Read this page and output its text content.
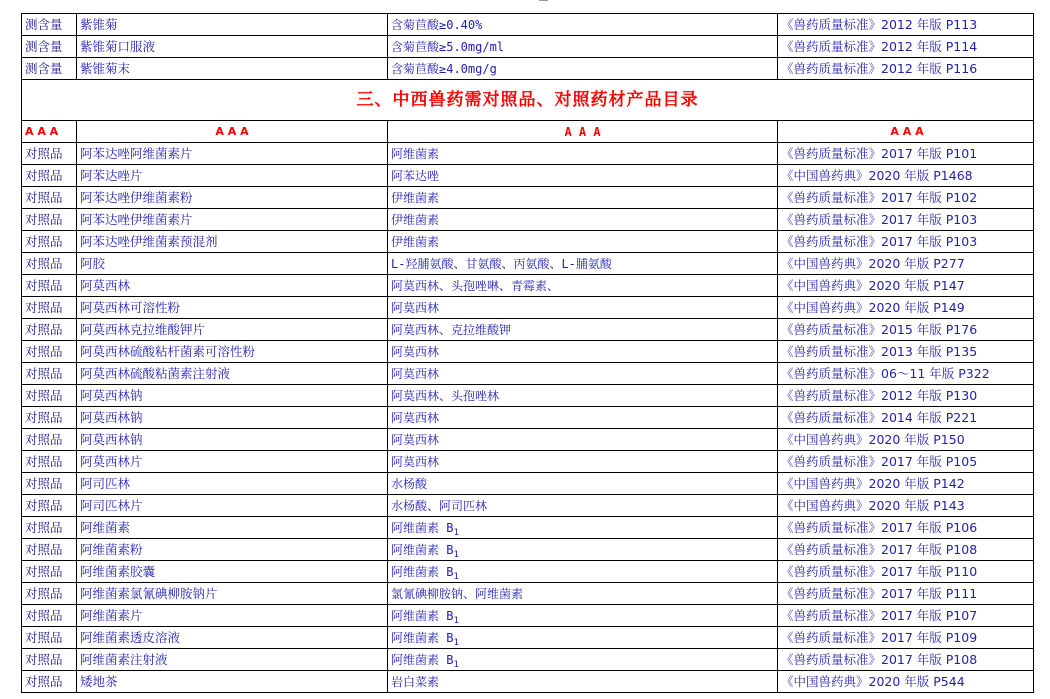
测含量	紫锥菊	含菊苣酸≥0.40%	《兽药质量标准》2012 年版 P113
测含量	紫锥菊口服液	含菊苣酸≥5.0mg/ml	《兽药质量标准》2012 年版 P114
测含量	紫锥菊末	含菊苣酸≥4.0mg/g	《兽药质量标准》2012 年版 P116
三、中西兽药需对照品、对照药材产品目录			
A A A	A A A	A A A	A A A
对照品	阿苯达唑阿维菌素片	阿维菌素	《兽药质量标准》2017 年版 P101
对照品	阿苯达唑片	阿苯达唑	《中国兽药典》2020 年版 P1468
对照品	阿苯达唑伊维菌素粉	伊维菌素	《兽药质量标准》2017 年版 P102
对照品	阿苯达唑伊维菌素片	伊维菌素	《兽药质量标准》2017 年版 P103
对照品	阿苯达唑伊维菌素预混剂	伊维菌素	《兽药质量标准》2017 年版 P103
对照品	阿胶	L-羟脯氨酸、甘氨酸、丙氨酸、L-脯氨酸	《中国兽药典》2020 年版 P277
对照品	阿莫西林	阿莫西林、头孢唑啉、青霉素、	《中国兽药典》2020 年版 P147
对照品	阿莫西林可溶性粉	阿莫西林	《中国兽药典》2020 年版 P149
对照品	阿莫西林克拉维酸钾片	阿莫西林、克拉维酸钾	《兽药质量标准》2015 年版 P176
对照品	阿莫西林硫酸粘杆菌素可溶性粉	阿莫西林	《兽药质量标准》2013 年版 P135
对照品	阿莫西林硫酸粘菌素注射液	阿莫西林	《兽药质量标准》06～11 年版 P322
对照品	阿莫西林钠	阿莫西林、头孢唑林	《兽药质量标准》2012 年版 P130
对照品	阿莫西林钠	阿莫西林	《兽药质量标准》2014 年版 P221
对照品	阿莫西林钠	阿莫西林	《中国兽药典》2020 年版 P150
对照品	阿莫西林片	阿莫西林	《兽药质量标准》2017 年版 P105
对照品	阿司匹林	水杨酸	《中国兽药典》2020 年版 P142
对照品	阿司匹林片	水杨酸、阿司匹林	《中国兽药典》2020 年版 P143
对照品	阿维菌素	阿维菌素 $B_1$	《兽药质量标准》2017 年版 P106
对照品	阿维菌素粉	阿维菌素 $B_1$	《兽药质量标准》2017 年版 P108
对照品	阿维菌素胶囊	阿维菌素 $B_1$	《兽药质量标准》2017 年版 P110
对照品	阿维菌素氯氰碘柳胺钠片	氯氰碘柳胺钠、阿维菌素	《兽药质量标准》2017 年版 P111
对照品	阿维菌素片	阿维菌素 $B_1$	《兽药质量标准》2017 年版 P107
对照品	阿维菌素透皮溶液	阿维菌素 $B_1$	《兽药质量标准》2017 年版 P109
对照品	阿维菌素注射液	阿维菌素 $B_1$	《兽药质量标准》2017 年版 P108
对照品	矮地茶	岩白菜素	《中国兽药典》2020 年版 P544
